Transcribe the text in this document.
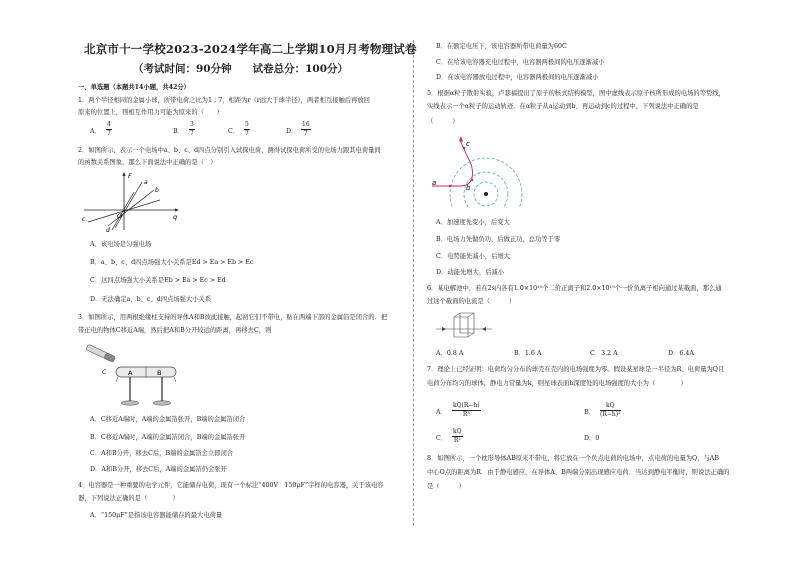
北京市十一学校2023-2024学年高二上学期10月月考物理试卷
（考试时间：90分钟　　试卷总分：100分）
一、单选题（本题共14小题，共42分）
1．两个半径相同的金属小球，所带电荷之比为1∶7，相距为r（r远大于球半径），两者相互接触后再放回
原来的位置上，则相互作用力可能为原来的（　　）
A． $\frac{4}{7}$	B． $\frac{3}{7}$	C． $\frac{5}{7}$	D． $\frac{16}{7}$
2．如图所示，表示一个电场中a、b、c、d四点分别引入试探电荷，测得试探电荷所受的电场力跟其电荷量间
的函数关系图象，那么下面说法中正确的是（　）
F
q
O
a
b
c
d
A．该电场是匀强电场
B．a、b、c、d四点场强大小关系是Ed > Ea > Eb > Ec
C．这四点场强大小关系是Eb > Ea > Ec > Ed
D．无法确定a、b、c、d四点场强大小关系
3．如图所示，用两根绝缘柱支持的导体A和B彼此接触，起初它们不带电，贴在两端下部的金属箔是闭合的．把
带正电的物体C移近A端，然后把A和B分开较远的距离，再移去C，则
C	A	B
A．C移近A端时，A端的金属箔张开，B端的金属箔闭合
B．C移近A端时，A端的金属箔闭合，B端的金属箔张开
C．A和B分开，移去C后，B端的金属箔会立即闭合
D．A和B分开，移去C后，A端的金属箔仍会张开
4．电容器是一种重要的电学元件，它能储存电荷，现有一个标注“400V　150μF”字样的电容器，关于该电容
器，下列说法正确的是（　　　　）
A．“150μF”是指该电容器能储存的最大电荷量
B．在额定电压下，该电容器所带电荷量为60C
C．在给该电容器充电过程中，电容器两极间的电压逐渐减小
D．在该电容器放电过程中，电容器两极间的电压逐渐减小
5．根据α粒子散射实验，卢瑟福提出了原子的核式结构模型，图中虚线表示原子核所形成的电场的等势线，
实线表示一个α粒子的运动轨迹．在α粒子从a运动到b、再运动到c的过程中，下列说法中正确的是
（　　　）
a
b
c
A．加速度先变小，后变大
B．电场力先做负功，后做正功，总功等于零
C．电势能先减小，后增大
D．动能先增大，后减小
6．某电解池中，若在2s内各有1.0×10¹⁹个二价正离子和2.0×10¹⁹个一价负离子相向通过某截面，那么通
过这个截面的电流是（　　　）
A．0.8 A	B．1.6 A	C．3.2 A	D．6.4A
7．理论上已经证明：电荷均匀分布的球壳在壳内的电场强度为零。假设某星球是一半径为R、电荷量为Q且
电荷分布均匀的球体，静电力常量为k，则星球表面h深度处的电场强度的大小为（　　　　）
A． $\frac{kQ(R-h)}{\text{R³}}$	B． $\frac{kQ}{\text{(R−h)²}}$
C． $\frac{kQ}{\text{R²}}$	D．0
8．如图所示，一个枕形导体AB原来不带电，将它放在一个负点电荷的电场中，点电荷的电量为Q，与AB
中心O点的距离为R．由于静电感应，在导体A、B两端分别出现感应电荷．当达到静电平衡时，则说法正确的
是（　　　）
